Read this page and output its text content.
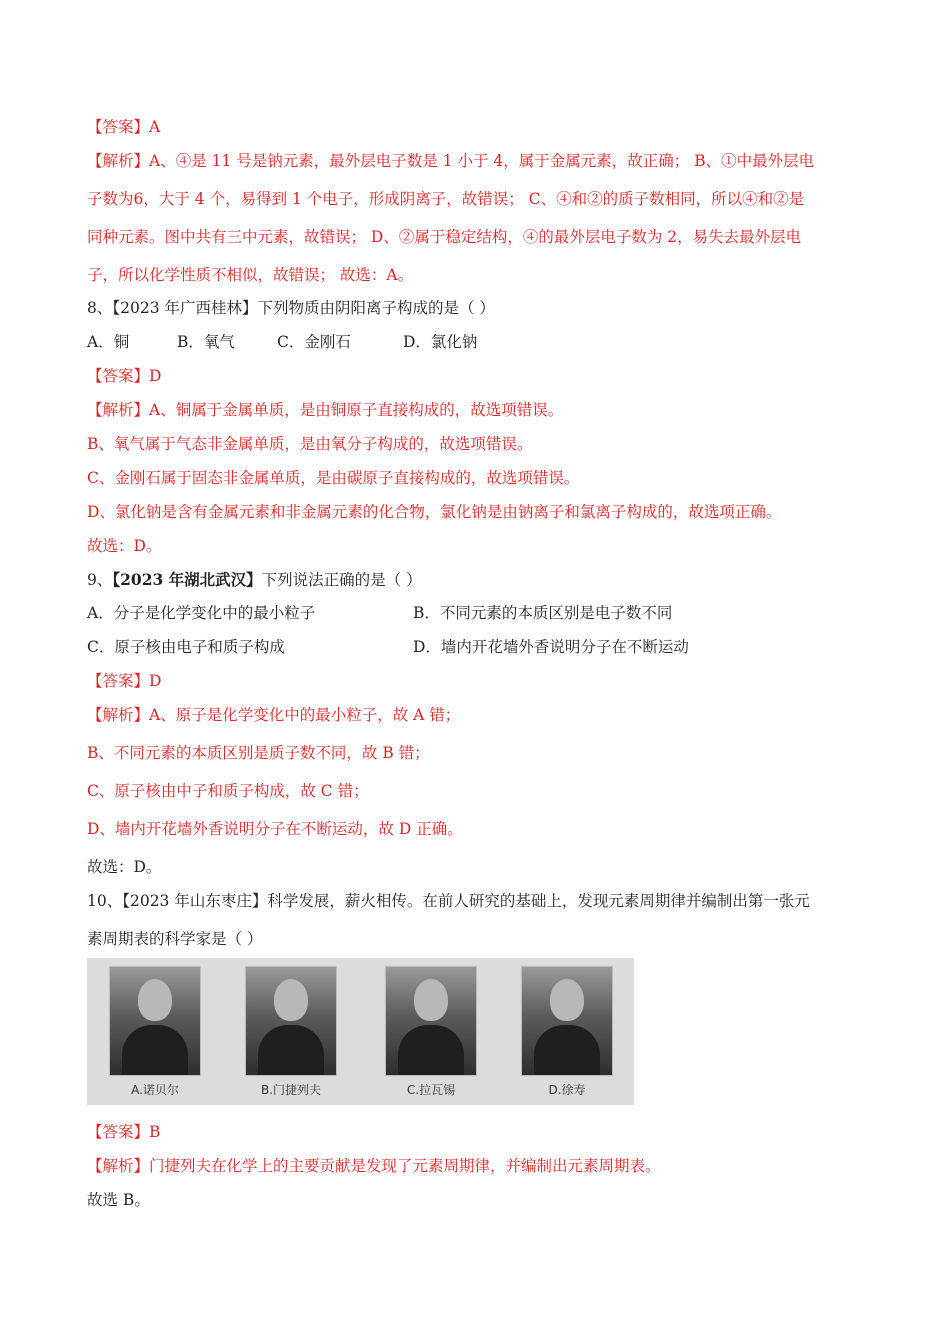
【答案】A
【解析】A、④是 11 号是钠元素，最外层电子数是 1 小于 4，属于金属元素，故正确； B、①中最外层电
子数为6，大于 4 个，易得到 1 个电子，形成阴离子，故错误； C、④和②的质子数相同，所以④和②是
同种元素。图中共有三中元素，故错误； D、②属于稳定结构，④的最外层电子数为 2，易失去最外层电
子，所以化学性质不相似，故错误； 故选：A。
8、【2023 年广西桂林】下列物质由阴阳离子构成的是（ ）
A．铜	B．氧气	C．金刚石	D．氯化钠
【答案】D
【解析】A、铜属于金属单质，是由铜原子直接构成的，故选项错误。
B、氧气属于气态非金属单质，是由氧分子构成的，故选项错误。
C、金刚石属于固态非金属单质，是由碳原子直接构成的，故选项错误。
D、氯化钠是含有金属元素和非金属元素的化合物，氯化钠是由钠离子和氯离子构成的，故选项正确。
故选：D。
9、【2023 年湖北武汉】下列说法正确的是（ ）
A．分子是化学变化中的最小粒子	B．不同元素的本质区别是电子数不同
C．原子核由电子和质子构成	D．墙内开花墙外香说明分子在不断运动
【答案】D
【解析】A、原子是化学变化中的最小粒子，故 A 错；
B、不同元素的本质区别是质子数不同，故 B 错；
C、原子核由中子和质子构成，故 C 错；
D、墙内开花墙外香说明分子在不断运动，故 D 正确。
故选：D。
10、【2023 年山东枣庄】科学发展，薪火相传。在前人研究的基础上，发现元素周期律并编制出第一张元
素周期表的科学家是（ ）
A.诺贝尔	B.门捷列夫	C.拉瓦锡	D.徐寿
【答案】B
【解析】门捷列夫在化学上的主要贡献是发现了元素周期律，并编制出元素周期表。
故选 B。
